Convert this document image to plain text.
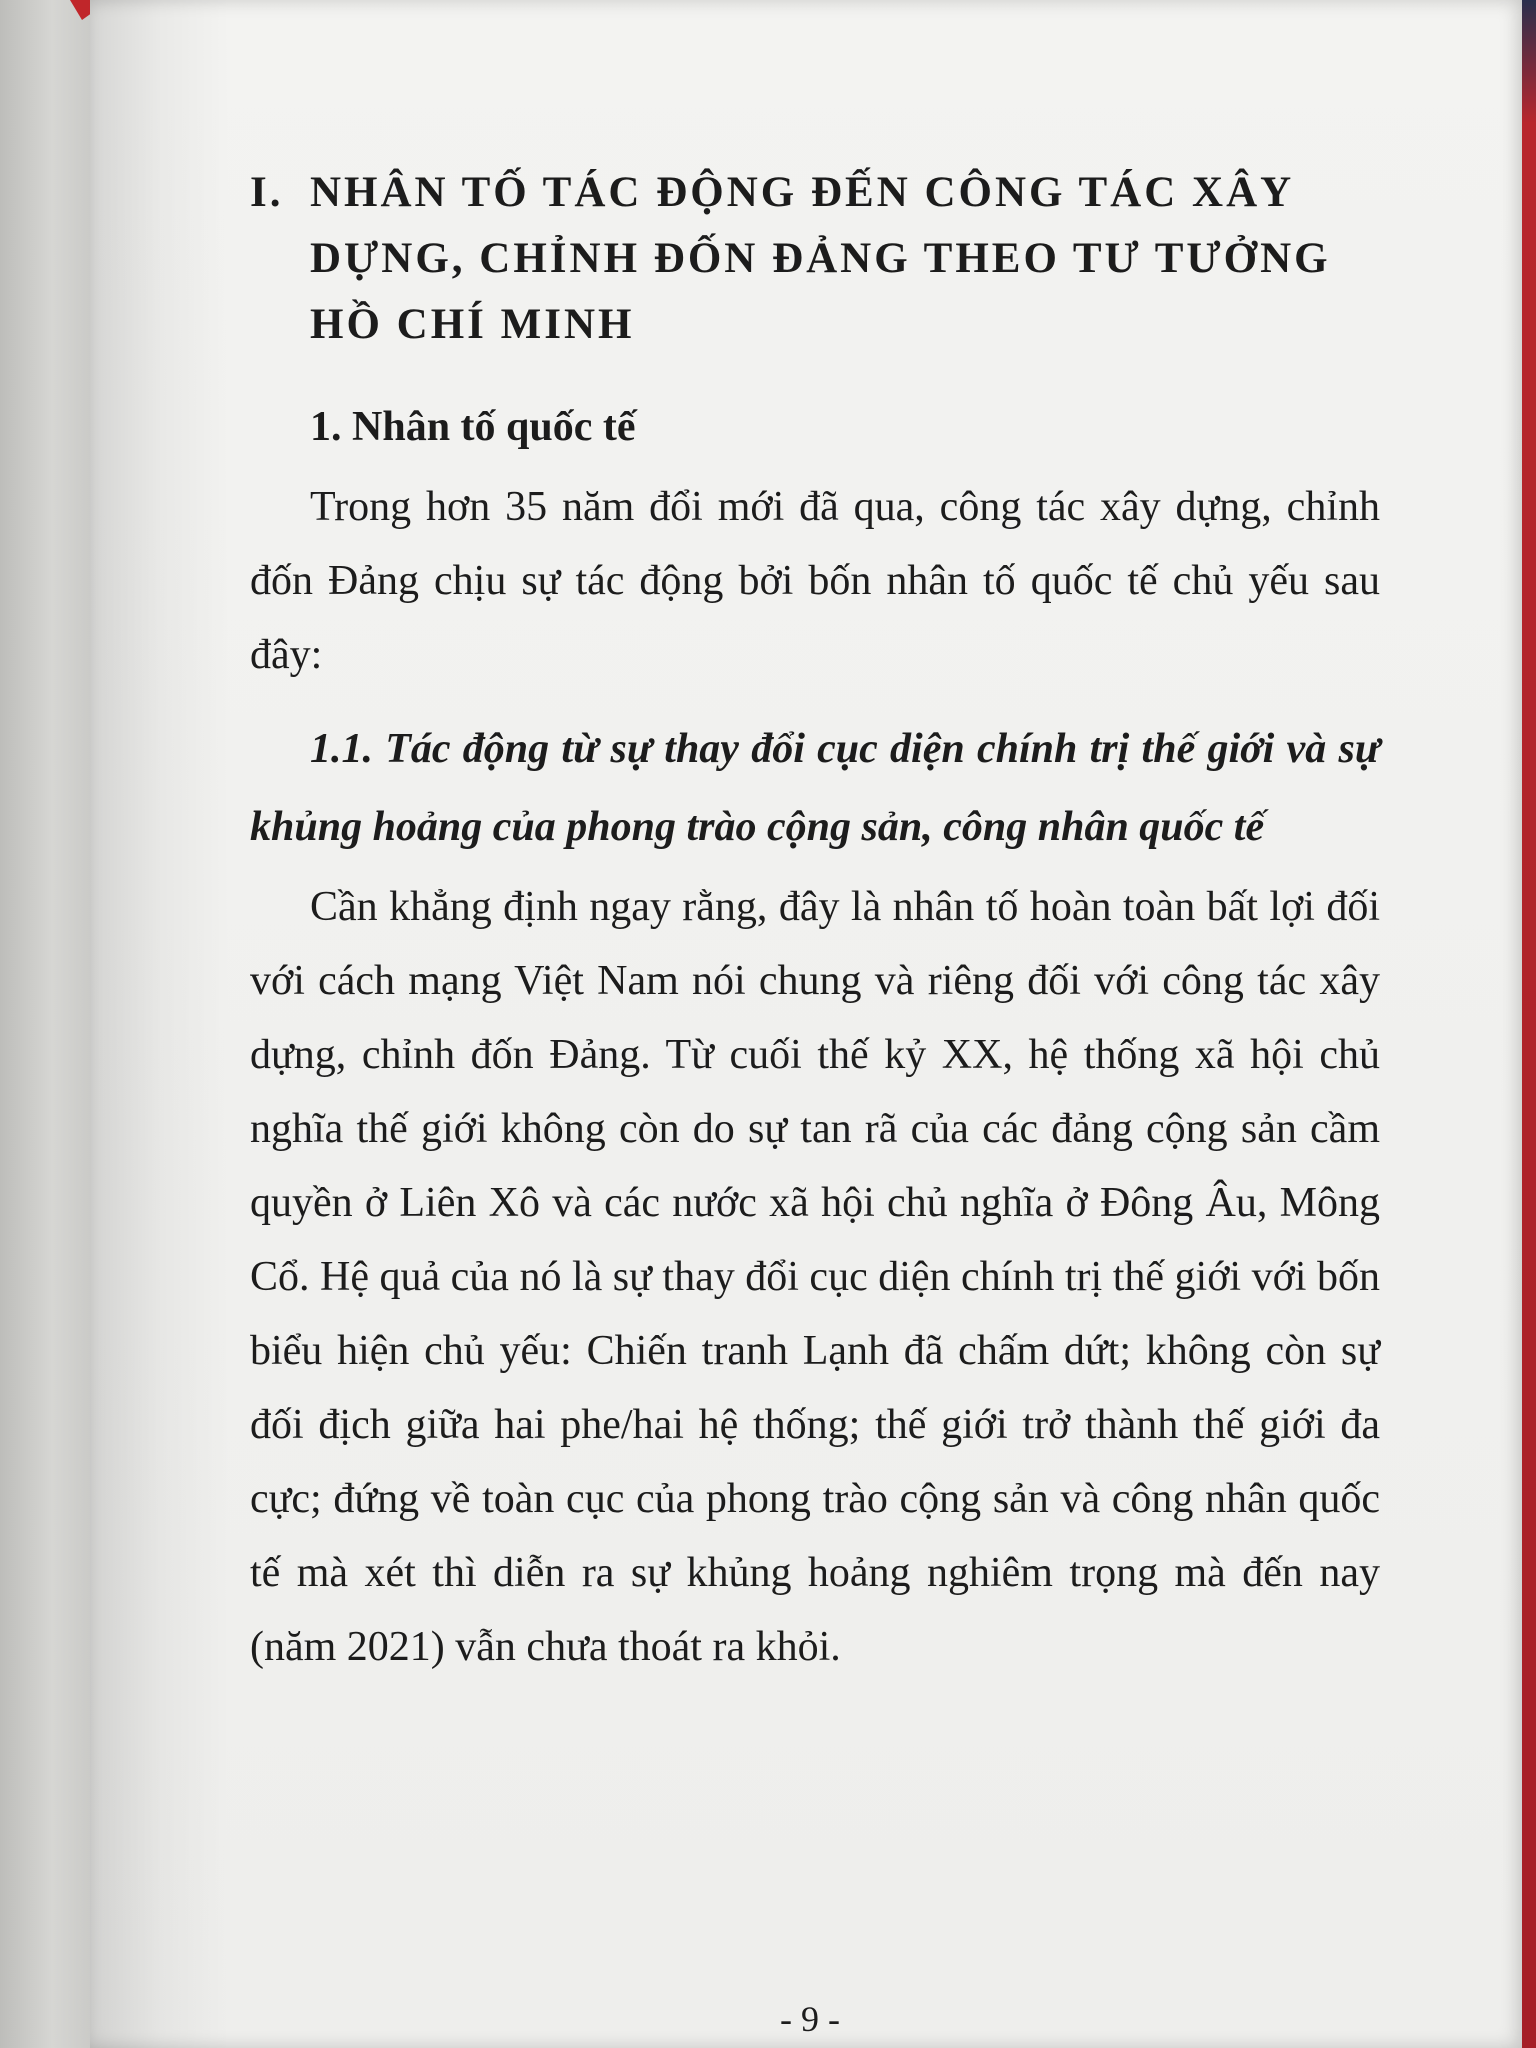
I. NHÂN TỐ TÁC ĐỘNG ĐẾN CÔNG TÁC XÂY
DỰNG, CHỈNH ĐỐN ĐẢNG THEO TƯ TƯỞNG
HỒ CHÍ MINH
1. Nhân tố quốc tế

Trong hơn 35 năm đổi mới đã qua, công tác xây dựng, chỉnh đốn Đảng chịu sự tác động bởi bốn nhân tố quốc tế chủ yếu sau đây:

1.1. Tác động từ sự thay đổi cục diện chính trị thế giới và sự khủng hoảng của phong trào cộng sản, công nhân quốc tế

Cần khẳng định ngay rằng, đây là nhân tố hoàn toàn bất lợi đối với cách mạng Việt Nam nói chung và riêng đối với công tác xây dựng, chỉnh đốn Đảng. Từ cuối thế kỷ XX, hệ thống xã hội chủ nghĩa thế giới không còn do sự tan rã của các đảng cộng sản cầm quyền ở Liên Xô và các nước xã hội chủ nghĩa ở Đông Âu, Mông Cổ. Hệ quả của nó là sự thay đổi cục diện chính trị thế giới với bốn biểu hiện chủ yếu: Chiến tranh Lạnh đã chấm dứt; không còn sự đối địch giữa hai phe/hai hệ thống; thế giới trở thành thế giới đa cực; đứng về toàn cục của phong trào cộng sản và công nhân quốc tế mà xét thì diễn ra sự khủng hoảng nghiêm trọng mà đến nay (năm 2021) vẫn chưa thoát ra khỏi.

- 9 -
